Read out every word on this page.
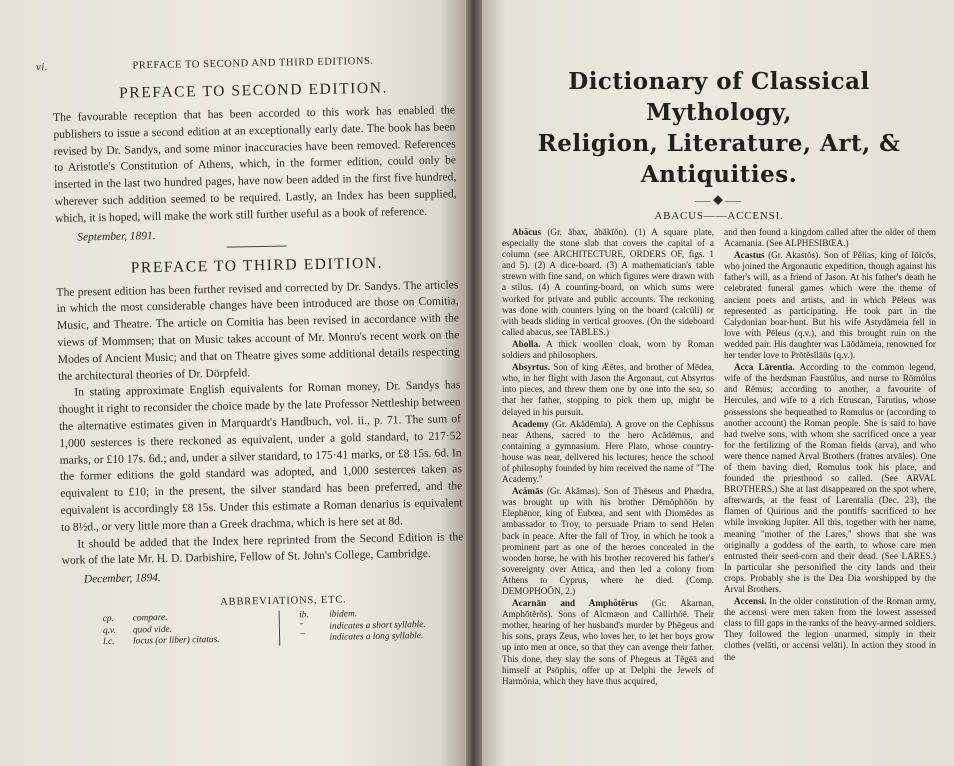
vi.	PREFACE TO SECOND AND THIRD EDITIONS.
PREFACE TO SECOND EDITION.

The favourable reception that has been accorded to this work has enabled the publishers to issue a second edition at an exceptionally early date. The book has been revised by Dr. Sandys, and some minor inaccuracies have been removed. References to Aristotle's Constitution of Athens, which, in the former edition, could only be inserted in the last two hundred pages, have now been added in the first five hundred, wherever such addition seemed to be required. Lastly, an Index has been supplied, which, it is hoped, will make the work still further useful as a book of reference.

September, 1891.
PREFACE TO THIRD EDITION.

The present edition has been further revised and corrected by Dr. Sandys. The articles in which the most considerable changes have been introduced are those on Comitia, Music, and Theatre. The article on Comitia has been revised in accordance with the views of Mommsen; that on Music takes account of Mr. Monro's recent work on the Modes of Ancient Music; and that on Theatre gives some additional details respecting the architectural theories of Dr. Dörpfeld.

In stating approximate English equivalents for Roman money, Dr. Sandys has thought it right to reconsider the choice made by the late Professor Nettleship between the alternative estimates given in Marquardt's Handbuch, vol. ii., p. 71. The sum of 1,000 sesterces is there reckoned as equivalent, under a gold standard, to 217·52 marks, or £10 17s. 6d.; and, under a silver standard, to 175·41 marks, or £8 15s. 6d. In the former editions the gold standard was adopted, and 1,000 sesterces taken as equivalent to £10; in the present, the silver standard has been preferred, and the equivalent is accordingly £8 15s. Under this estimate a Roman denarius is equivalent to 8½d., or very little more than a Greek drachma, which is here set at 8d.

It should be added that the Index here reprinted from the Second Edition is the work of the late Mr. H. D. Darbishire, Fellow of St. John's College, Cambridge.

December, 1894.
ABBREVIATIONS, ETC.
cp.	compare.
q.v.	quod vide.
l.c.	locus (or liber) citatus.
ib.	ibidem.
˘	indicates a short syllable.
¯	indicates a long syllable.
Dictionary of Classical Mythology,
Religion, Literature, Art, & Antiquities.
⸺◆⸺
ABACUS——ACCENSI.
Abăcus (Gr. ăbax, ăbăkĭŏn). (1) A square plate, especially the stone slab that covers the capital of a column (see ARCHITECTURE, ORDERS OF, figs. 1 and 5). (2) A dice-board. (3) A mathematician's table strewn with fine sand, on which figures were drawn with a stilus. (4) A counting-board, on which sums were worked for private and public accounts. The reckoning was done with counters lying on the board (calcŭli) or with beads sliding in vertical grooves. (On the sideboard called abacus, see TABLES.)
Abolla. A thick woollen cloak, worn by Roman soldiers and philosophers.
Absyrtus. Son of king Æētes, and brother of Mēdea, who, in her flight with Jason the Argonaut, cut Absyrtus into pieces, and threw them one by one into the sea, so that her father, stopping to pick them up, might be delayed in his pursuit.
Academy (Gr. Akădēmīa). A grove on the Cephissus near Athens, sacred to the hero Acădēmus, and containing a gymnasium. Here Plato, whose country-house was near, delivered his lectures; hence the school of philosophy founded by him received the name of "The Academy."
Acămās (Gr. Akămas). Son of Thēseus and Phædra, was brought up with his brother Dēmŏphŏōn by Elephēnor, king of Eubœa, and sent with Diomēdes as ambassador to Troy, to persuade Priam to send Helen back in peace. After the fall of Troy, in which he took a prominent part as one of the heroes concealed in the wooden horse, he with his brother recovered his father's sovereignty over Attica, and then led a colony from Athens to Cyprus, where he died. (Comp. DEMOPHOŌN, 2.)
Acarnān and Amphŏtĕrus (Gr. Akarnan, Amphŏtĕrŏs). Sons of Alcmæon and Callirhŏē. Their mother, hearing of her husband's murder by Phēgeus and his sons, prays Zeus, who loves her, to let her boys grow up into men at once, so that they can avenge their father. This done, they slay the sons of Phegeus at Tĕgēā and himself at Psōphis, offer up at Delphi the Jewels of Harmŏnia, which they have thus acquired,
and then found a kingdom called after the older of them Acarnania. (See ALPHESIBŒA.)
Acastus (Gr. Akastŏs). Son of Pĕlias, king of Iōlcŏs, who joined the Argonautic expedition, though against his father's will, as a friend of Jason. At his father's death he celebrated funeral games which were the theme of ancient poets and artists, and in which Pēleus was represented as participating. He took part in the Calydonian boar-hunt. But his wife Astydămeia fell in love with Pēleus (q.v.), and this brought ruin on the wedded pair. His daughter was Lāŏdămeia, renowned for her tender love to Prōtĕsĭlāūs (q.v.).
Acca Lārentia. According to the common legend, wife of the herdsman Faustŭlus, and nurse to Rōmŭlus and Rĕmus; according to another, a favourite of Hercules, and wife to a rich Etruscan, Tarutius, whose possessions she bequeathed to Romulus or (according to another account) the Roman people. She is said to have had twelve sons, with whom she sacrificed once a year for the fertilizing of the Roman fields (arva), and who were thence named Arval Brothers (fratres arvāles). One of them having died, Romulus took his place, and founded the priesthood so called. (See ARVAL BROTHERS.) She at last disappeared on the spot where, afterwards, at the feast of Larentalia (Dec. 23), the flamen of Quirinus and the pontiffs sacrificed to her while invoking Jupiter. All this, together with her name, meaning "mother of the Lares," shows that she was originally a goddess of the earth, to whose care men entrusted their seed-corn and their dead. (See LARES.) In particular she personified the city lands and their crops. Probably she is the Dea Dia worshipped by the Arval Brothers.
Accensi. In the older constitution of the Roman army, the accensi were men taken from the lowest assessed class to fill gaps in the ranks of the heavy-armed soldiers. They followed the legion unarmed, simply in their clothes (velāti, or accensi velāti). In action they stood in the
